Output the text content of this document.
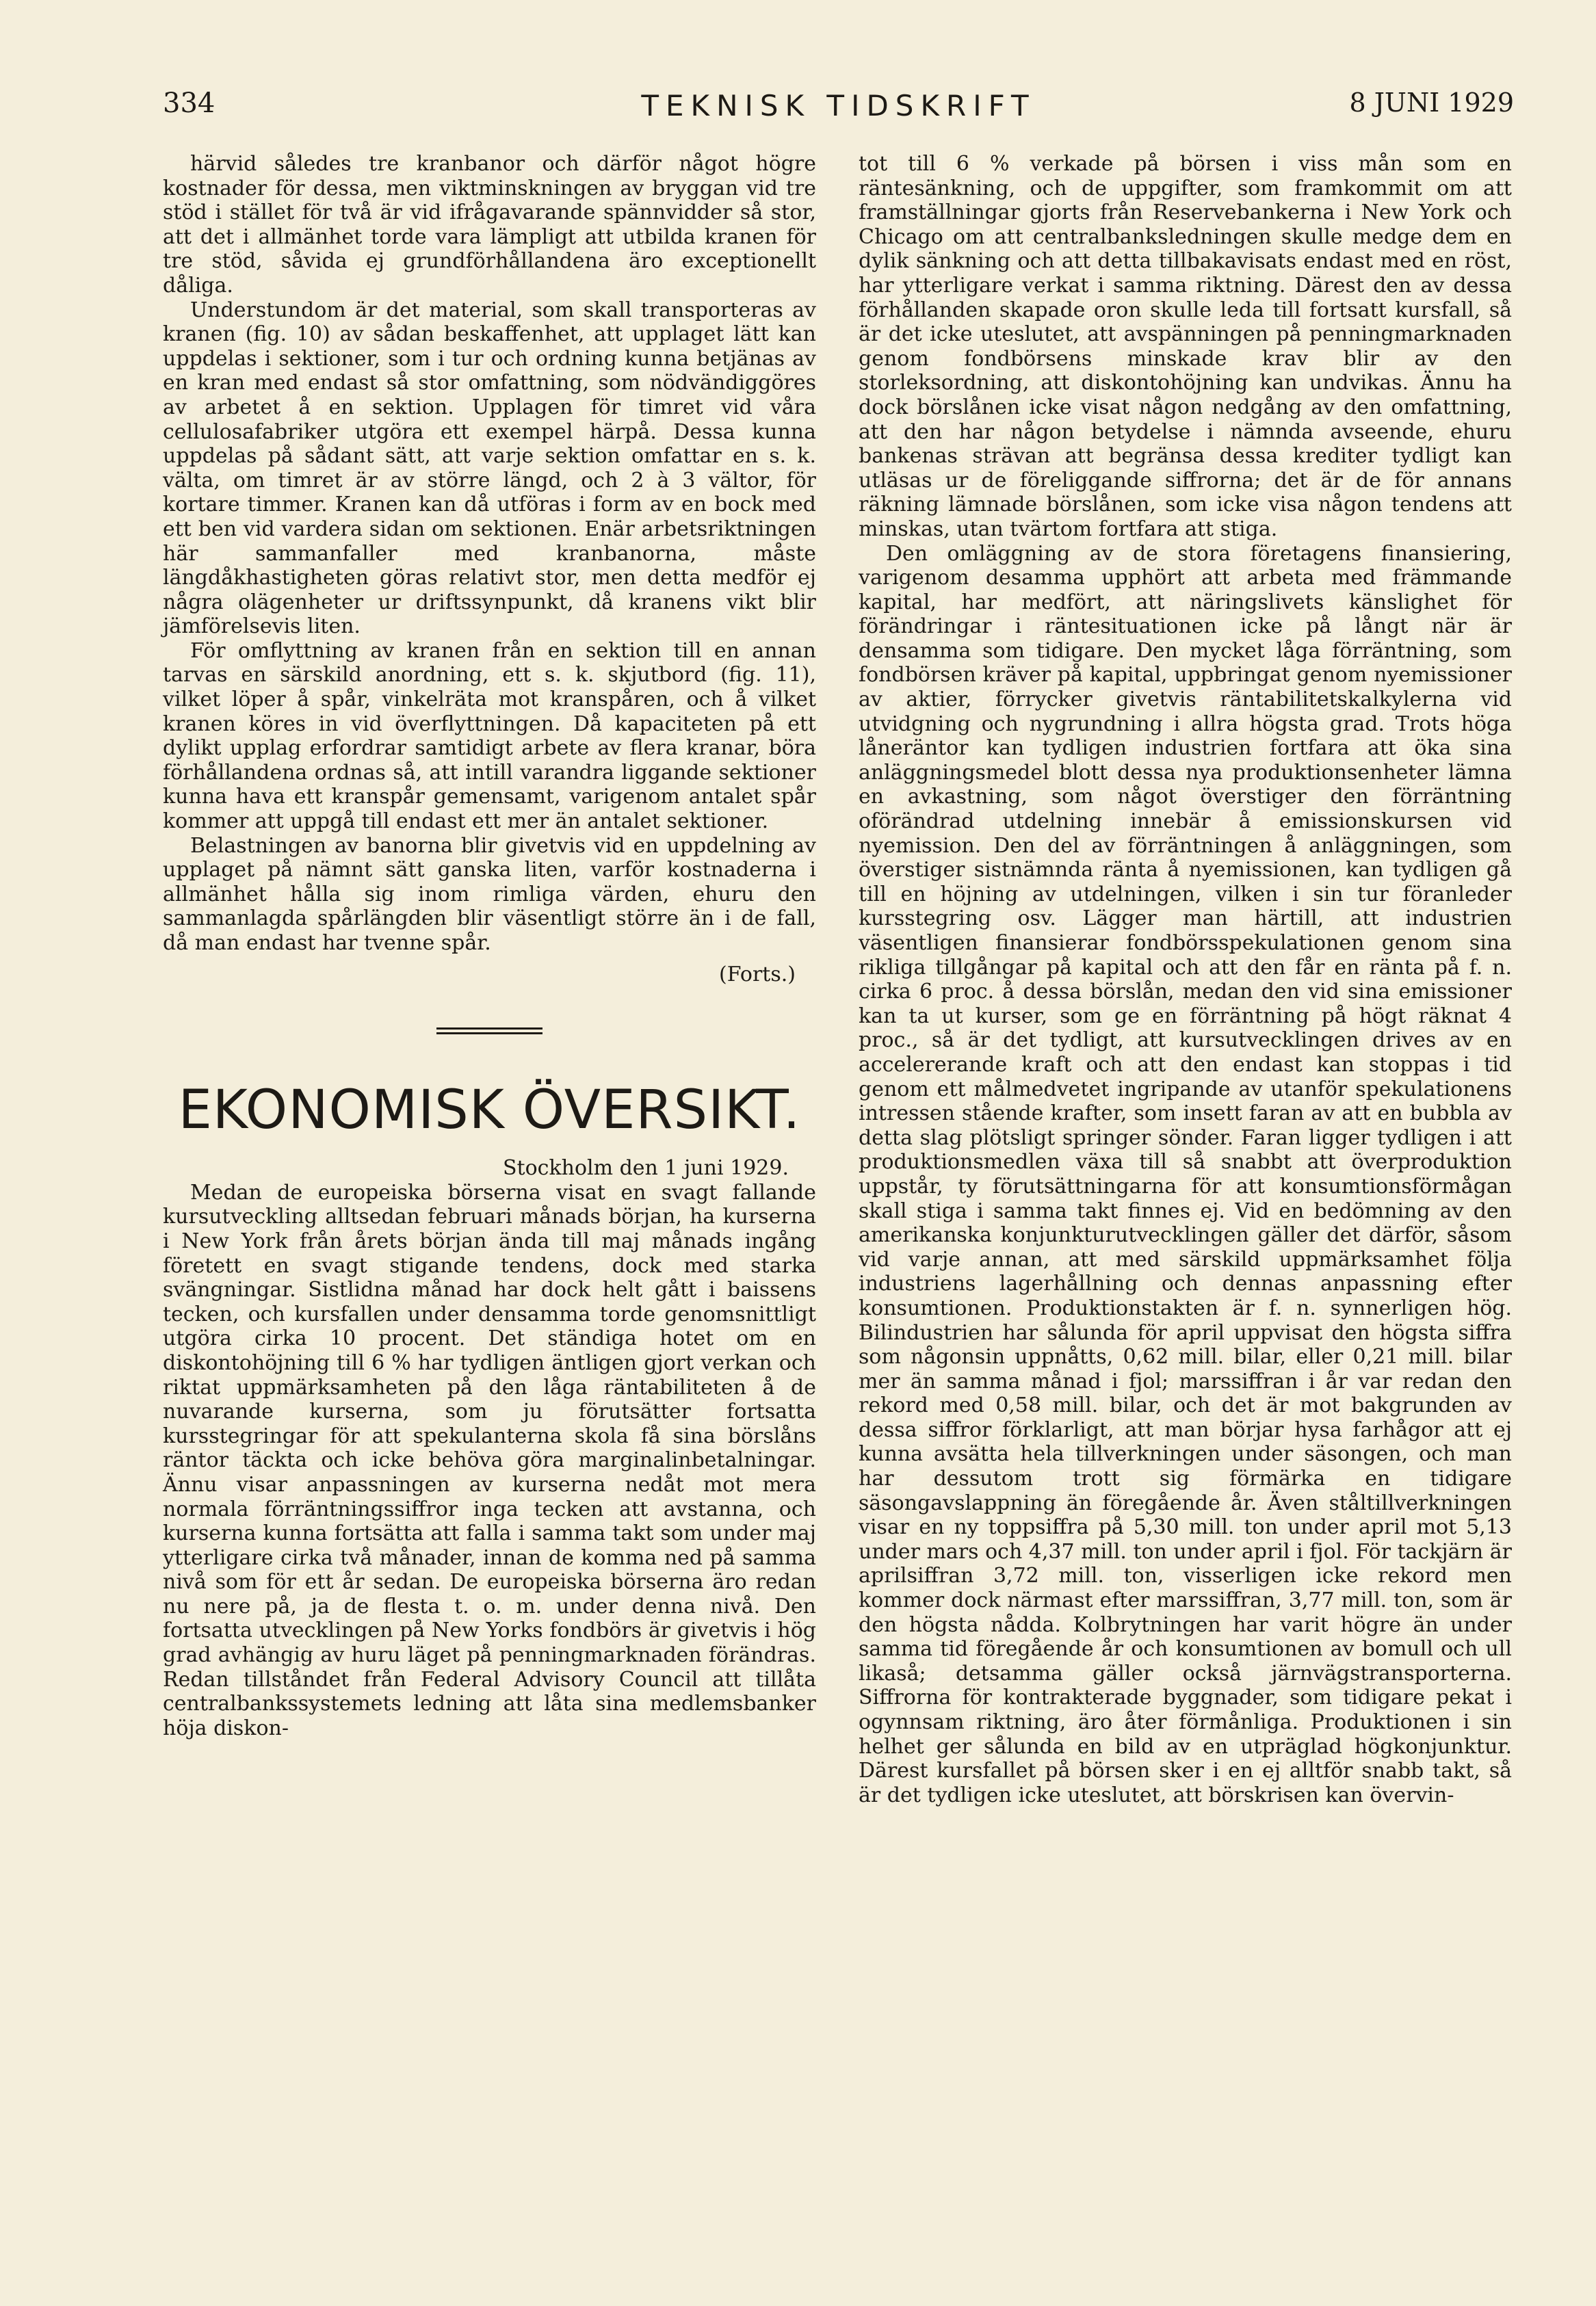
334	TEKNISK TIDSKRIFT	8 JUNI 1929

härvid således tre kranbanor och därför något högre kostnader för dessa, men viktminskningen av bryggan vid tre stöd i stället för två är vid ifrågavarande spännvidder så stor, att det i allmänhet torde vara lämpligt att utbilda kranen för tre stöd, såvida ej grundförhållandena äro exceptionellt dåliga.

Understundom är det material, som skall transporteras av kranen (fig. 10) av sådan beskaffenhet, att upplaget lätt kan uppdelas i sektioner, som i tur och ordning kunna betjänas av en kran med endast så stor omfattning, som nödvändiggöres av arbetet å en sektion. Upplagen för timret vid våra cellulosafabriker utgöra ett exempel härpå. Dessa kunna uppdelas på sådant sätt, att varje sektion omfattar en s. k. välta, om timret är av större längd, och 2 à 3 vältor, för kortare timmer. Kranen kan då utföras i form av en bock med ett ben vid vardera sidan om sektionen. Enär arbetsriktningen här sammanfaller med kranbanorna, måste längdåkhastigheten göras relativt stor, men detta medför ej några olägenheter ur driftssynpunkt, då kranens vikt blir jämförelsevis liten.

För omflyttning av kranen från en sektion till en annan tarvas en särskild anordning, ett s. k. skjutbord (fig. 11), vilket löper å spår, vinkelräta mot kranspåren, och å vilket kranen köres in vid överflyttningen. Då kapaciteten på ett dylikt upplag erfordrar samtidigt arbete av flera kranar, böra förhållandena ordnas så, att intill varandra liggande sektioner kunna hava ett kranspår gemensamt, varigenom antalet spår kommer att uppgå till endast ett mer än antalet sektioner.

Belastningen av banorna blir givetvis vid en uppdelning av upplaget på nämnt sätt ganska liten, varför kostnaderna i allmänhet hålla sig inom rimliga värden, ehuru den sammanlagda spårlängden blir väsentligt större än i de fall, då man endast har tvenne spår.

(Forts.)
EKONOMISK ÖVERSIKT.
Stockholm den 1 juni 1929.

Medan de europeiska börserna visat en svagt fallande kursutveckling alltsedan februari månads början, ha kurserna i New York från årets början ända till maj månads ingång företett en svagt stigande tendens, dock med starka svängningar. Sistlidna månad har dock helt gått i baissens tecken, och kursfallen under densamma torde genomsnittligt utgöra cirka 10 procent. Det ständiga hotet om en diskontohöjning till 6 % har tydligen äntligen gjort verkan och riktat uppmärksamheten på den låga räntabiliteten å de nuvarande kurserna, som ju förutsätter fortsatta kursstegringar för att spekulanterna skola få sina börslåns räntor täckta och icke behöva göra marginalinbetalningar. Ännu visar anpassningen av kurserna nedåt mot mera normala förräntningssiffror inga tecken att avstanna, och kurserna kunna fortsätta att falla i samma takt som under maj ytterligare cirka två månader, innan de komma ned på samma nivå som för ett år sedan. De europeiska börserna äro redan nu nere på, ja de flesta t. o. m. under denna nivå. Den fortsatta utvecklingen på New Yorks fondbörs är givetvis i hög grad avhängig av huru läget på penningmarknaden förändras. Redan tillståndet från Federal Advisory Council att tillåta centralbankssystemets ledning att låta sina medlemsbanker höja diskon-

tot till 6 % verkade på börsen i viss mån som en räntesänkning, och de uppgifter, som framkommit om att framställningar gjorts från Reservebankerna i New York och Chicago om att centralbanksledningen skulle medge dem en dylik sänkning och att detta tillbakavisats endast med en röst, har ytterligare verkat i samma riktning. Därest den av dessa förhållanden skapade oron skulle leda till fortsatt kursfall, så är det icke uteslutet, att avspänningen på penningmarknaden genom fondbörsens minskade krav blir av den storleksordning, att diskontohöjning kan undvikas. Ännu ha dock börslånen icke visat någon nedgång av den omfattning, att den har någon betydelse i nämnda avseende, ehuru bankenas strävan att begränsa dessa krediter tydligt kan utläsas ur de föreliggande siffrorna; det är de för annans räkning lämnade börslånen, som icke visa någon tendens att minskas, utan tvärtom fortfara att stiga.

Den omläggning av de stora företagens finansiering, varigenom desamma upphört att arbeta med främmande kapital, har medfört, att näringslivets känslighet för förändringar i räntesituationen icke på långt när är densamma som tidigare. Den mycket låga förräntning, som fondbörsen kräver på kapital, uppbringat genom nyemissioner av aktier, förrycker givetvis räntabilitetskalkylerna vid utvidgning och nygrundning i allra högsta grad. Trots höga låneräntor kan tydligen industrien fortfara att öka sina anläggningsmedel blott dessa nya produktionsenheter lämna en avkastning, som något överstiger den förräntning oförändrad utdelning innebär å emissionskursen vid nyemission. Den del av förräntningen å anläggningen, som överstiger sistnämnda ränta å nyemissionen, kan tydligen gå till en höjning av utdelningen, vilken i sin tur föranleder kursstegring osv. Lägger man härtill, att industrien väsentligen finansierar fondbörsspekulationen genom sina rikliga tillgångar på kapital och att den får en ränta på f. n. cirka 6 proc. å dessa börslån, medan den vid sina emissioner kan ta ut kurser, som ge en förräntning på högt räknat 4 proc., så är det tydligt, att kursutvecklingen drives av en accelererande kraft och att den endast kan stoppas i tid genom ett målmedvetet ingripande av utanför spekulationens intressen stående krafter, som insett faran av att en bubbla av detta slag plötsligt springer sönder. Faran ligger tydligen i att produktionsmedlen växa till så snabbt att överproduktion uppstår, ty förutsättningarna för att konsumtionsförmågan skall stiga i samma takt finnes ej. Vid en bedömning av den amerikanska konjunkturutvecklingen gäller det därför, såsom vid varje annan, att med särskild uppmärksamhet följa industriens lagerhållning och dennas anpassning efter konsumtionen. Produktionstakten är f. n. synnerligen hög. Bilindustrien har sålunda för april uppvisat den högsta siffra som någonsin uppnåtts, 0,62 mill. bilar, eller 0,21 mill. bilar mer än samma månad i fjol; marssiffran i år var redan den rekord med 0,58 mill. bilar, och det är mot bakgrunden av dessa siffror förklarligt, att man börjar hysa farhågor att ej kunna avsätta hela tillverkningen under säsongen, och man har dessutom trott sig förmärka en tidigare säsongavslappning än föregående år. Även ståltillverkningen visar en ny toppsiffra på 5,30 mill. ton under april mot 5,13 under mars och 4,37 mill. ton under april i fjol. För tackjärn är aprilsiffran 3,72 mill. ton, visserligen icke rekord men kommer dock närmast efter marssiffran, 3,77 mill. ton, som är den högsta nådda. Kolbrytningen har varit högre än under samma tid föregående år och konsumtionen av bomull och ull likaså; detsamma gäller också järnvägstransporterna. Siffrorna för kontrakterade byggnader, som tidigare pekat i ogynnsam riktning, äro åter förmånliga. Produktionen i sin helhet ger sålunda en bild av en utpräglad högkonjunktur. Därest kursfallet på börsen sker i en ej alltför snabb takt, så är det tydligen icke uteslutet, att börskrisen kan övervin-
